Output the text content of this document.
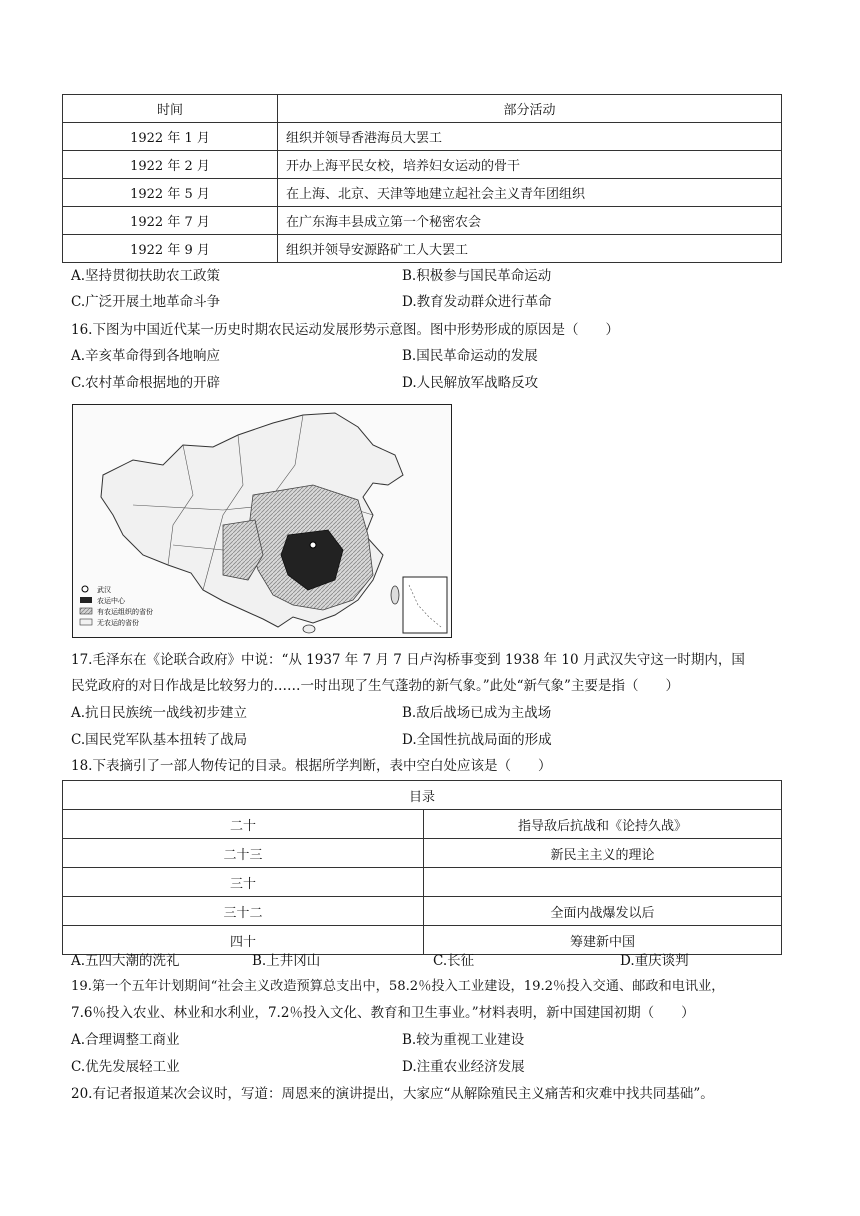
时间	部分活动
1922 年 1 月	组织并领导香港海员大罢工
1922 年 2 月	开办上海平民女校，培养妇女运动的骨干
1922 年 5 月	在上海、北京、天津等地建立起社会主义青年团组织
1922 年 7 月	在广东海丰县成立第一个秘密农会
1922 年 9 月	组织并领导安源路矿工人大罢工
A.坚持贯彻扶助农工政策	B.积极参与国民革命运动
C.广泛开展土地革命斗争	D.教育发动群众进行革命
16.下图为中国近代某一历史时期农民运动发展形势示意图。图中形势形成的原因是（　　）
A.辛亥革命得到各地响应	B.国民革命运动的发展
C.农村革命根据地的开辟	D.人民解放军战略反攻
武汉
农运中心
有农运组织的省份
无农运的省份
17.毛泽东在《论联合政府》中说：“从 1937 年 7 月 7 日卢沟桥事变到 1938 年 10 月武汉失守这一时期内，国
民党政府的对日作战是比较努力的……一时出现了生气蓬勃的新气象。”此处“新气象”主要是指（　　）
A.抗日民族统一战线初步建立	B.敌后战场已成为主战场
C.国民党军队基本扭转了战局	D.全国性抗战局面的形成
18.下表摘引了一部人物传记的目录。根据所学判断，表中空白处应该是（　　）
目录	
二十	指导敌后抗战和《论持久战》
二十三	新民主主义的理论
三十	
三十二	全面内战爆发以后
四十	筹建新中国
A.五四大潮的洗礼	B.上井冈山	C.长征	D.重庆谈判
19.第一个五年计划期间“社会主义改造预算总支出中，58.2％投入工业建设，19.2％投入交通、邮政和电讯业，
7.6％投入农业、林业和水利业，7.2％投入文化、教育和卫生事业。”材料表明，新中国建国初期（　　）
A.合理调整工商业	B.较为重视工业建设
C.优先发展轻工业	D.注重农业经济发展
20.有记者报道某次会议时，写道：周恩来的演讲提出，大家应“从解除殖民主义痛苦和灾难中找共同基础”。
